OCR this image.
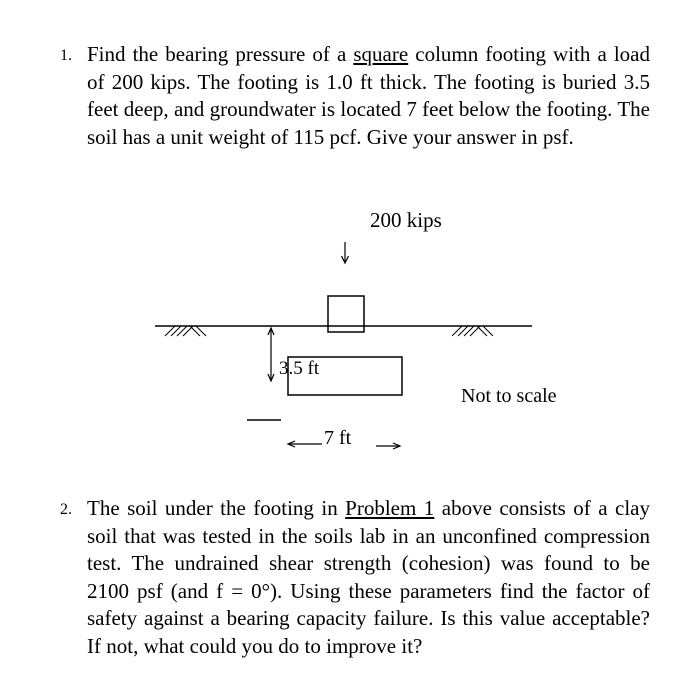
1. Find the bearing pressure of a square column footing with a load of 200 kips. The footing is 1.0 ft thick. The footing is buried 3.5 feet deep, and groundwater is located 7 feet below the footing. The soil has a unit weight of 115 pcf. Give your answer in psf.
200 kips
3.5 ft
Not to scale
7 ft
2. The soil under the footing in Problem 1 above consists of a clay soil that was tested in the soils lab in an unconfined compression test. The undrained shear strength (cohesion) was found to be 2100 psf (and f = 0°). Using these parameters find the factor of safety against a bearing capacity failure. Is this value acceptable? If not, what could you do to improve it?
